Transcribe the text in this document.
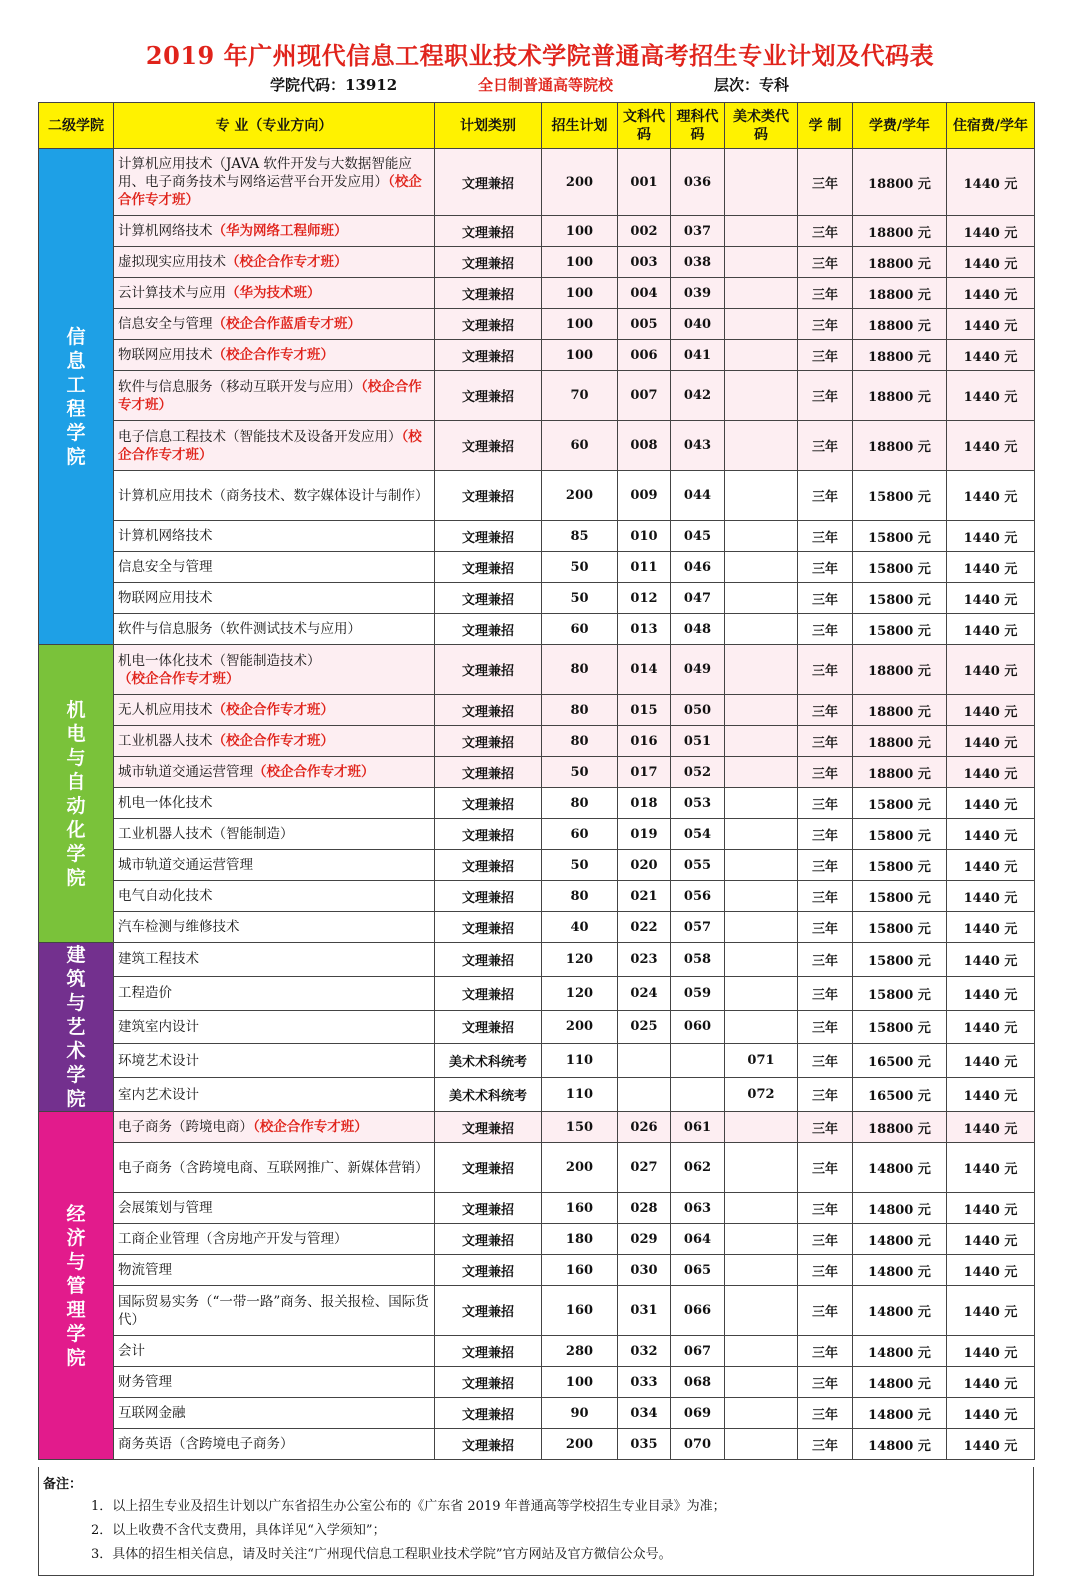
2019 年广州现代信息工程职业技术学院普通高考招生专业计划及代码表
学院代码：13912	全日制普通高等院校	层次：专科
二级学院	专 业（专业方向）	计划类别	招生计划	文科代码	理科代码	美术类代码	学 制	学费/学年	住宿费/学年
信息工程学院	计算机应用技术（JAVA 软件开发与大数据智能应用、电子商务技术与网络运营平台开发应用）（校企合作专才班）	文理兼招	200	001	036		三年	18800 元	1440 元
	计算机网络技术（华为网络工程师班）	文理兼招	100	002	037		三年	18800 元	1440 元
	虚拟现实应用技术（校企合作专才班）	文理兼招	100	003	038		三年	18800 元	1440 元
	云计算技术与应用（华为技术班）	文理兼招	100	004	039		三年	18800 元	1440 元
	信息安全与管理（校企合作蓝盾专才班）	文理兼招	100	005	040		三年	18800 元	1440 元
	物联网应用技术（校企合作专才班）	文理兼招	100	006	041		三年	18800 元	1440 元
	软件与信息服务（移动互联开发与应用）（校企合作专才班）	文理兼招	70	007	042		三年	18800 元	1440 元
	电子信息工程技术（智能技术及设备开发应用）（校企合作专才班）	文理兼招	60	008	043		三年	18800 元	1440 元
	计算机应用技术（商务技术、数字媒体设计与制作）	文理兼招	200	009	044		三年	15800 元	1440 元
	计算机网络技术	文理兼招	85	010	045		三年	15800 元	1440 元
	信息安全与管理	文理兼招	50	011	046		三年	15800 元	1440 元
	物联网应用技术	文理兼招	50	012	047		三年	15800 元	1440 元
	软件与信息服务（软件测试技术与应用）	文理兼招	60	013	048		三年	15800 元	1440 元
机电与自动化学院	机电一体化技术（智能制造技术）（校企合作专才班）	文理兼招	80	014	049		三年	18800 元	1440 元
	无人机应用技术（校企合作专才班）	文理兼招	80	015	050		三年	18800 元	1440 元
	工业机器人技术（校企合作专才班）	文理兼招	80	016	051		三年	18800 元	1440 元
	城市轨道交通运营管理（校企合作专才班）	文理兼招	50	017	052		三年	18800 元	1440 元
	机电一体化技术	文理兼招	80	018	053		三年	15800 元	1440 元
	工业机器人技术（智能制造）	文理兼招	60	019	054		三年	15800 元	1440 元
	城市轨道交通运营管理	文理兼招	50	020	055		三年	15800 元	1440 元
	电气自动化技术	文理兼招	80	021	056		三年	15800 元	1440 元
	汽车检测与维修技术	文理兼招	40	022	057		三年	15800 元	1440 元
建筑与艺术学院	建筑工程技术	文理兼招	120	023	058		三年	15800 元	1440 元
	工程造价	文理兼招	120	024	059		三年	15800 元	1440 元
	建筑室内设计	文理兼招	200	025	060		三年	15800 元	1440 元
	环境艺术设计	美术术科统考	110			071	三年	16500 元	1440 元
	室内艺术设计	美术术科统考	110			072	三年	16500 元	1440 元
经济与管理学院	电子商务（跨境电商）（校企合作专才班）	文理兼招	150	026	061		三年	18800 元	1440 元
	电子商务（含跨境电商、互联网推广、新媒体营销）	文理兼招	200	027	062		三年	14800 元	1440 元
	会展策划与管理	文理兼招	160	028	063		三年	14800 元	1440 元
	工商企业管理（含房地产开发与管理）	文理兼招	180	029	064		三年	14800 元	1440 元
	物流管理	文理兼招	160	030	065		三年	14800 元	1440 元
	国际贸易实务（“一带一路”商务、报关报检、国际货代）	文理兼招	160	031	066		三年	14800 元	1440 元
	会计	文理兼招	280	032	067		三年	14800 元	1440 元
	财务管理	文理兼招	100	033	068		三年	14800 元	1440 元
	互联网金融	文理兼招	90	034	069		三年	14800 元	1440 元
	商务英语（含跨境电子商务）	文理兼招	200	035	070		三年	14800 元	1440 元
备注：
1．以上招生专业及招生计划以广东省招生办公室公布的《广东省 2019 年普通高等学校招生专业目录》为准；
2．以上收费不含代支费用，具体详见“入学须知”；
3．具体的招生相关信息，请及时关注“广州现代信息工程职业技术学院”官方网站及官方微信公众号。
